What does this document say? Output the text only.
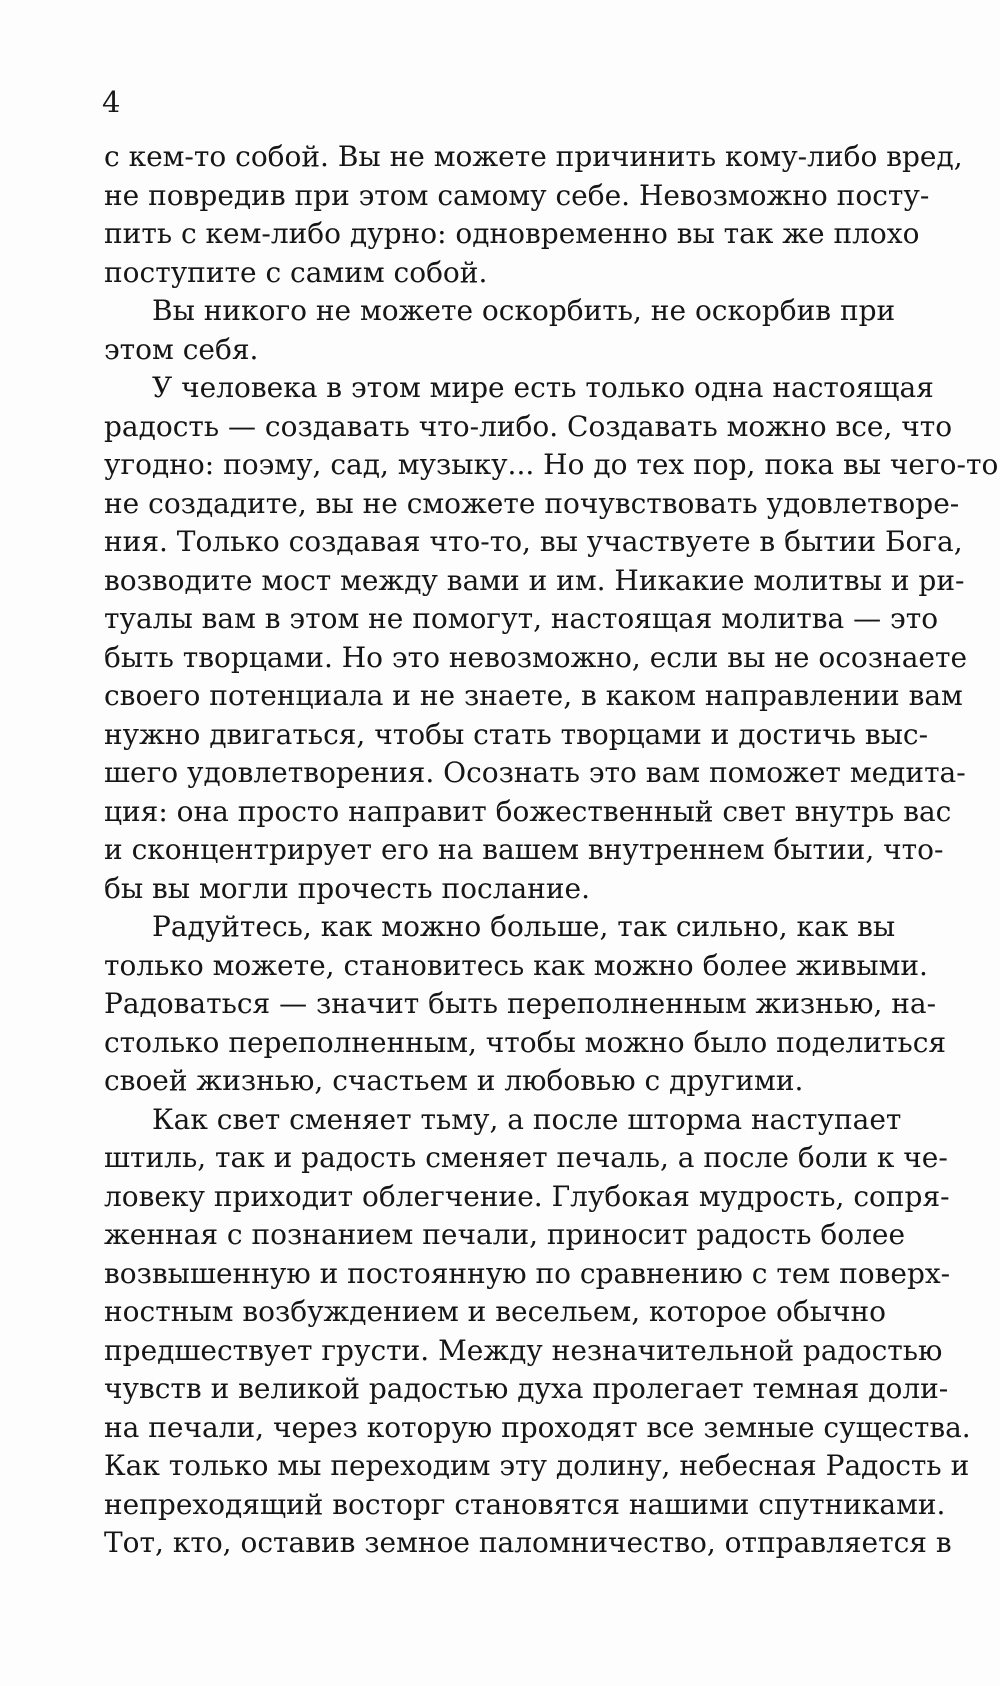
4
с кем-то собой. Вы не можете причинить кому-либо вред,
не повредив при этом самому себе. Невозможно посту-
пить с кем-либо дурно: одновременно вы так же плохо
поступите с самим собой.
Вы никого не можете оскорбить, не оскорбив при
этом себя.
У человека в этом мире есть только одна настоящая
радость — создавать что-либо. Создавать можно все, что
угодно: поэму, сад, музыку... Но до тех пор, пока вы чего-то
не создадите, вы не сможете почувствовать удовлетворе-
ния. Только создавая что-то, вы участвуете в бытии Бога,
возводите мост между вами и им. Никакие молитвы и ри-
туалы вам в этом не помогут, настоящая молитва — это
быть творцами. Но это невозможно, если вы не осознаете
своего потенциала и не знаете, в каком направлении вам
нужно двигаться, чтобы стать творцами и достичь выс-
шего удовлетворения. Осознать это вам поможет медита-
ция: она просто направит божественный свет внутрь вас
и сконцентрирует его на вашем внутреннем бытии, что-
бы вы могли прочесть послание.
Радуйтесь, как можно больше, так сильно, как вы
только можете, становитесь как можно более живыми.
Радоваться — значит быть переполненным жизнью, на-
столько переполненным, чтобы можно было поделиться
своей жизнью, счастьем и любовью с другими.
Как свет сменяет тьму, а после шторма наступает
штиль, так и радость сменяет печаль, а после боли к че-
ловеку приходит облегчение. Глубокая мудрость, сопря-
женная с познанием печали, приносит радость более
возвышенную и постоянную по сравнению с тем поверх-
ностным возбуждением и весельем, которое обычно
предшествует грусти. Между незначительной радостью
чувств и великой радостью духа пролегает темная доли-
на печали, через которую проходят все земные существа.
Как только мы переходим эту долину, небесная Радость и
непреходящий восторг становятся нашими спутниками.
Тот, кто, оставив земное паломничество, отправляется в
